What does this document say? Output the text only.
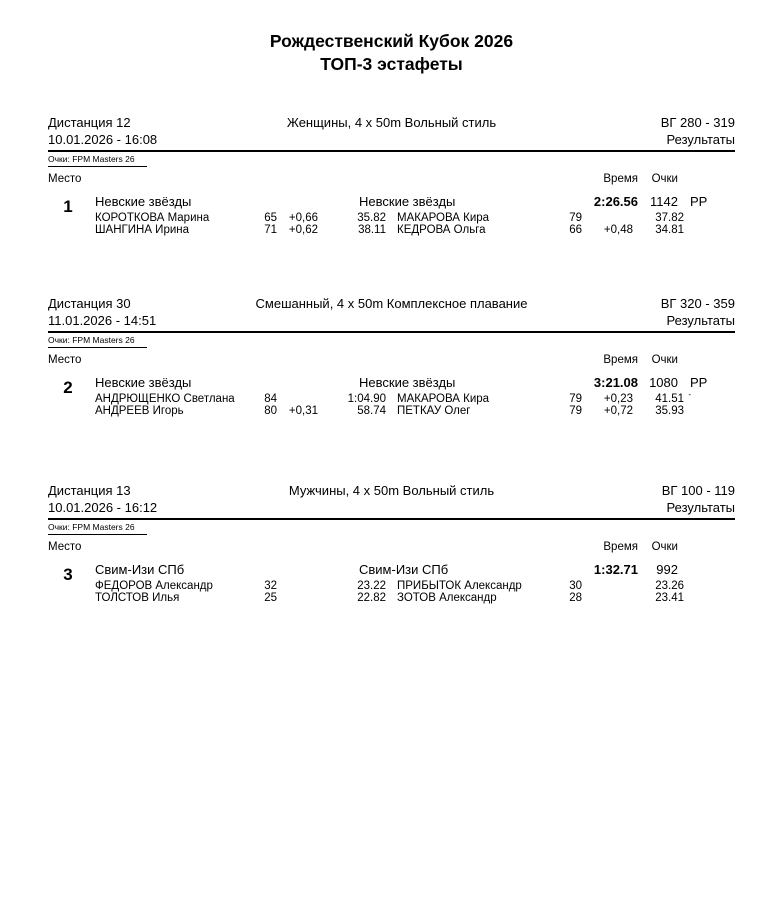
Рождественский Кубок 2026
ТОП-3 эстафеты
Дистанция 12	Женщины, 4 x 50m Вольный стиль	ВГ 280 - 319
10.01.2026 - 16:08	Результаты
Очки: FPM Masters 26
Место	Время Очки
1	Невские звёзды	Невские звёзды	2:26.56 1142 РР
КОРОТКОВА Марина	65 +0,66	35.82 МАКАРОВА Кира	79	37.82
ШАНГИНА Ирина	71 +0,62	38.11 КЕДРОВА Ольга	66 +0,48 34.81
Дистанция 30	Смешанный, 4 x 50m Комплексное плавание	ВГ 320 - 359
11.01.2026 - 14:51	Результаты
Очки: FPM Masters 26
Место	Время Очки
2	Невские звёзды	Невские звёзды	3:21.08 1080 РР
АНДРЮЩЕНКО Светлана	84	1:04.90 МАКАРОВА Кира	79 +0,23 41.51 -
АНДРЕЕВ Игорь	80 +0,31	58.74 ПЕТКАУ Олег	79 +0,72 35.93
Дистанция 13	Мужчины, 4 x 50m Вольный стиль	ВГ 100 - 119
10.01.2026 - 16:12	Результаты
Очки: FPM Masters 26
Место	Время Очки
3	Свим-Изи СПб	Свим-Изи СПб	1:32.71 992
ФЕДОРОВ Александр	32	23.22 ПРИБЫТОК Александр	30	23.26
ТОЛСТОВ Илья	25	22.82 ЗОТОВ Александр	28	23.41
